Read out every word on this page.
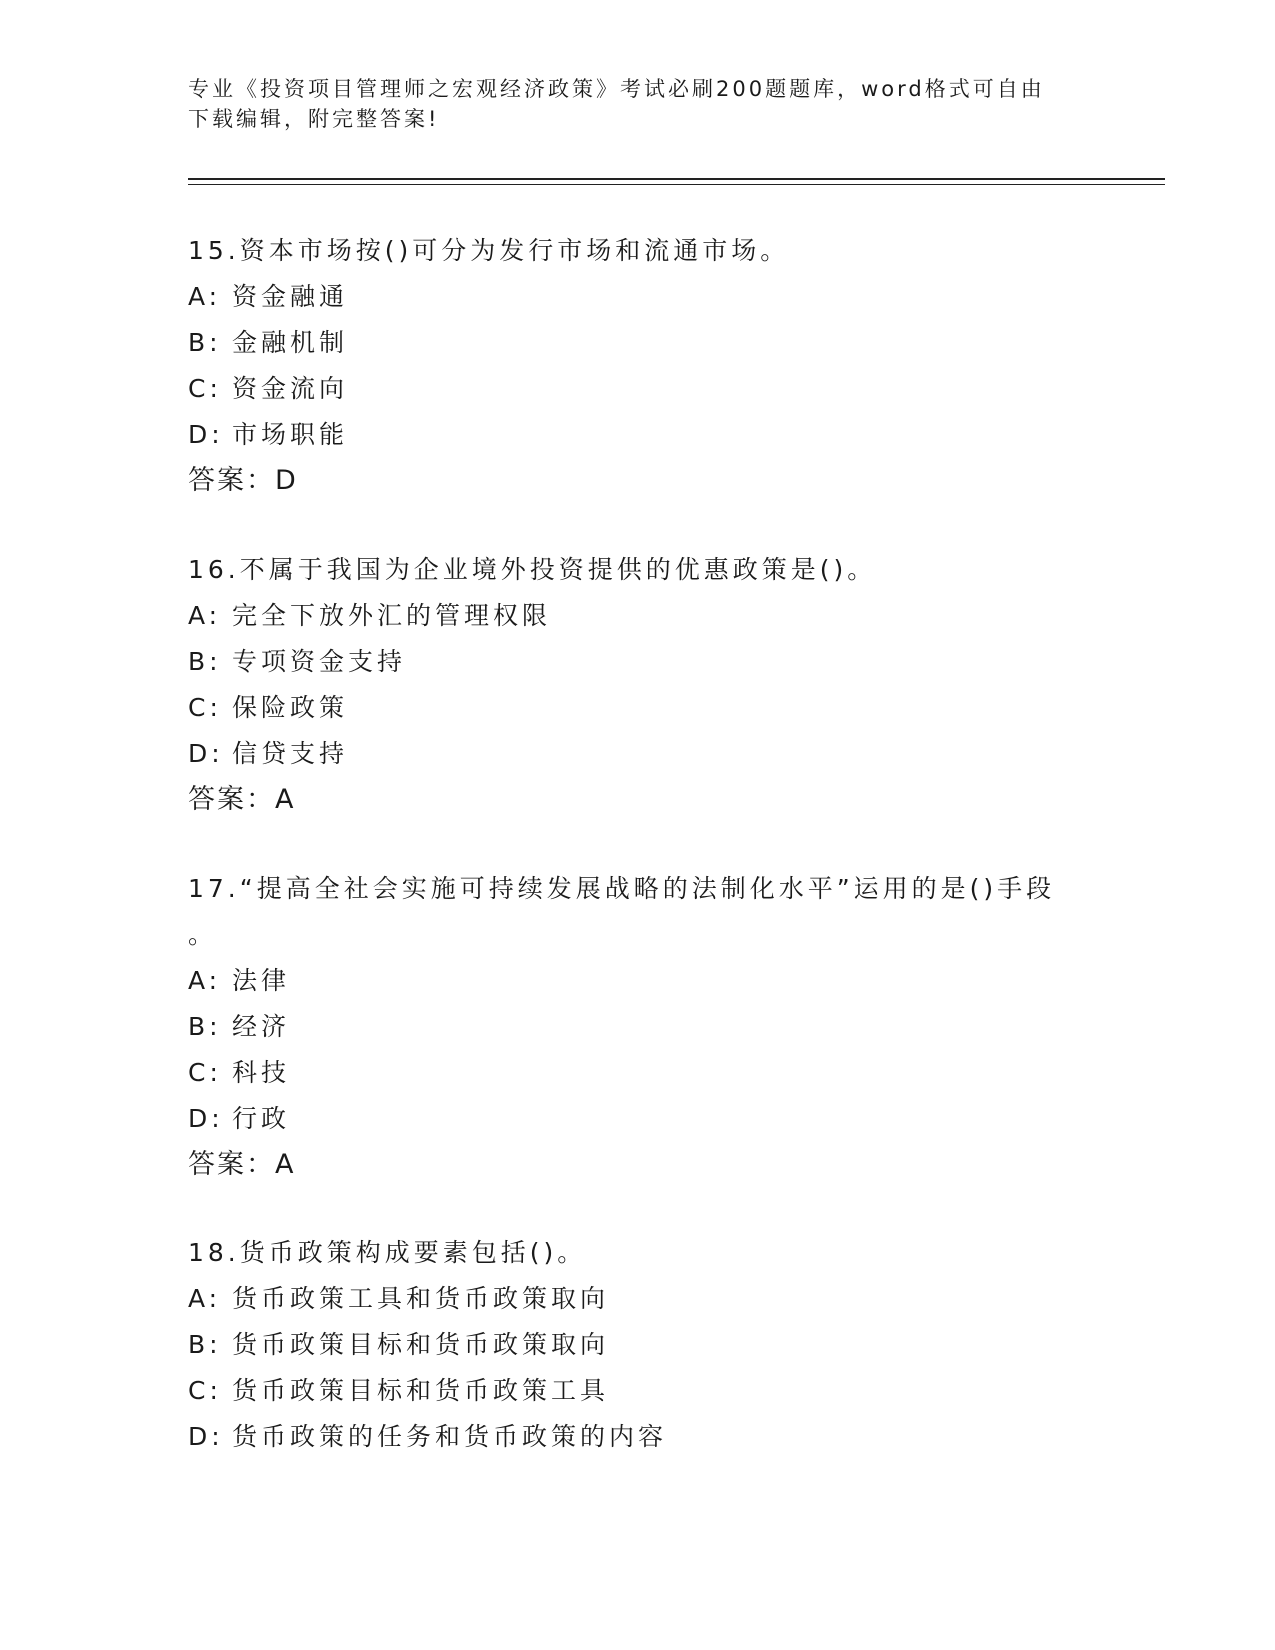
专业《投资项目管理师之宏观经济政策》考试必刷200题题库，word格式可自由
下载编辑，附完整答案!
15.资本市场按()可分为发行市场和流通市场。
A: 资金融通
B: 金融机制
C: 资金流向
D: 市场职能
答案：D
16.不属于我国为企业境外投资提供的优惠政策是()。
A: 完全下放外汇的管理权限
B: 专项资金支持
C: 保险政策
D: 信贷支持
答案：A
17.“提高全社会实施可持续发展战略的法制化水平”运用的是()手段
。
A: 法律
B: 经济
C: 科技
D: 行政
答案：A
18.货币政策构成要素包括()。
A: 货币政策工具和货币政策取向
B: 货币政策目标和货币政策取向
C: 货币政策目标和货币政策工具
D: 货币政策的任务和货币政策的内容
